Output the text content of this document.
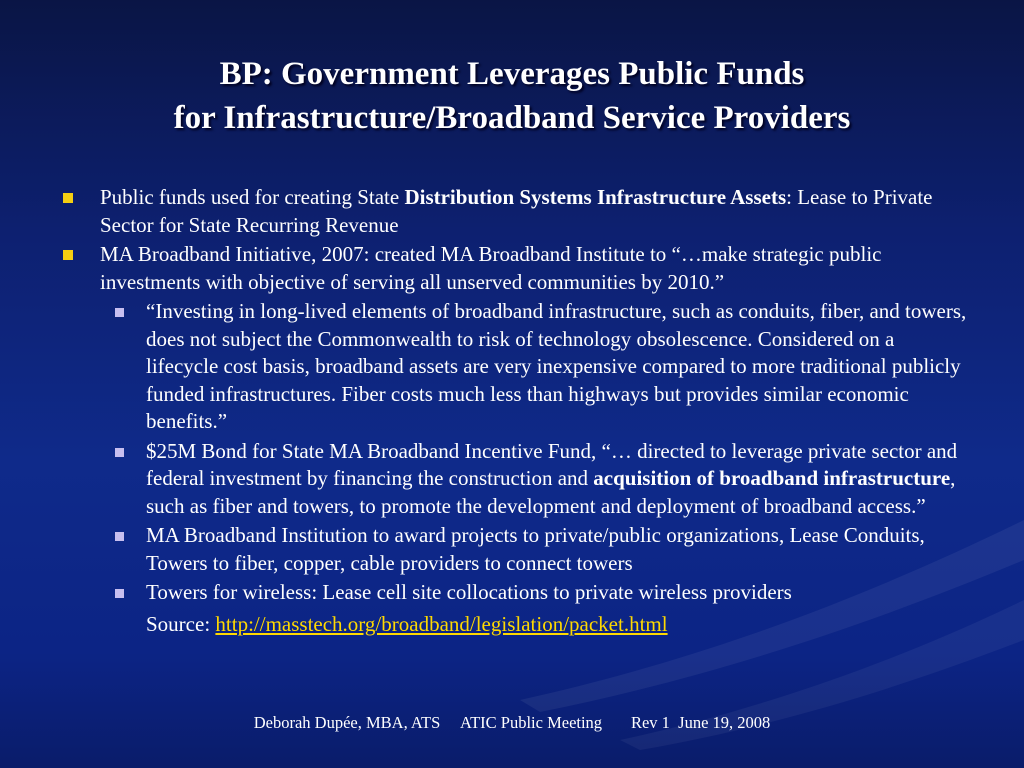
BP: Government Leverages Public Funds
for Infrastructure/Broadband Service Providers
Public funds used for creating State Distribution Systems Infrastructure Assets: Lease to Private Sector for State Recurring Revenue
MA Broadband Initiative, 2007: created MA Broadband Institute to “…make strategic public investments with objective of serving all unserved communities by 2010.”
“Investing in long-lived elements of broadband infrastructure, such as conduits, fiber, and towers, does not subject the Commonwealth to risk of technology obsolescence. Considered on a lifecycle cost basis, broadband assets are very inexpensive compared to more traditional publicly funded infrastructures. Fiber costs much less than highways but provides similar economic benefits.”
$25M Bond for State MA Broadband Incentive Fund, “… directed to leverage private sector and federal investment by financing the construction and acquisition of broadband infrastructure, such as fiber and towers, to promote the development and deployment of broadband access.”
MA Broadband Institution to award projects to private/public organizations, Lease Conduits, Towers to fiber, copper, cable providers to connect towers
Towers for wireless: Lease cell site collocations to private wireless providers
Source: http://masstech.org/broadband/legislation/packet.html
Deborah Dupée, MBA, ATS ATIC Public Meeting Rev 1  June 19, 2008
